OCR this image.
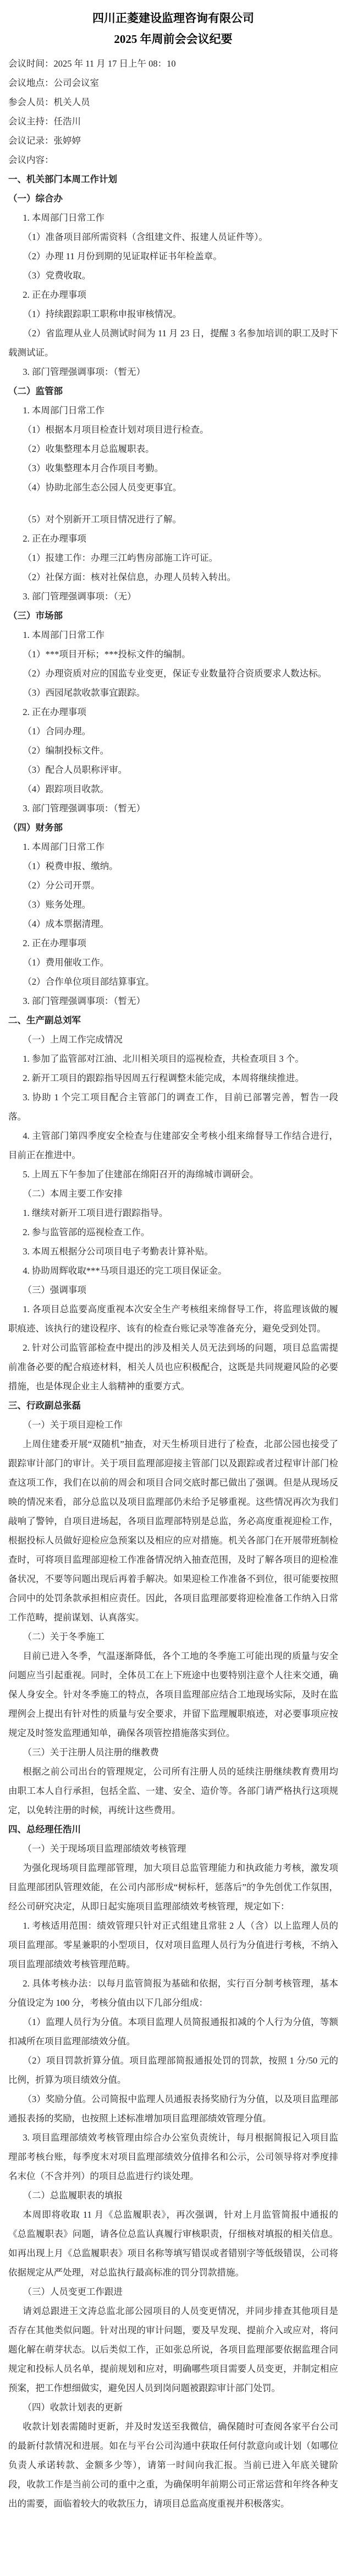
四川正菱建设监理咨询有限公司
2025 年周前会会议纪要

会议时间：2025 年 11 月 17 日上午 08：10

会议地点：公司会议室

参会人员：机关人员

会议主持：任浩川

会议记录：张婷婷

会议内容：

一、机关部门本周工作计划

（一）综合办

1. 本周部门日常工作

（1）准备项目部所需资料（含组建文件、报建人员证件等）。

（2）办理 11 月份到期的见证取样证书年检盖章。

（3）党费收取。

2. 正在办理事项

（1）持续跟踪职工职称申报审核情况。

（2）省监理从业人员测试时间为 11 月 23 日，提醒 3 名参加培训的职工及时下载测试证。

3. 部门管理强调事项：（暂无）

（二）监管部

1. 本周部门日常工作

（1）根据本月项目检查计划对项目进行检查。

（2）收集整理本月总监履职表。

（3）收集整理本月合作项目考勤。

（4）协助北部生态公园人员变更事宜。

（5）对个别新开工项目情况进行了解。

2. 正在办理事项

（1）报建工作：办理三江屿售房部施工许可证。

（2）社保方面：核对社保信息，办理人员转入转出。

3. 部门管理强调事项：（无）

（三）市场部

1. 本周部门日常工作

（1）***项目开标；***投标文件的编制。

（2）办理资质对应的国监专业变更，保证专业数量符合资质要求人数达标。

（3）西园尾款收款事宜跟踪。

2. 正在办理事项

（1）合同办理。

（2）编制投标文件。

（3）配合人员职称评审。

（4）跟踪项目收款。

3. 部门管理强调事项：（暂无）

（四）财务部

1. 本周部门日常工作

（1）税费申报、缴纳。

（2）分公司开票。

（3）账务处理。

（4）成本票据清理。

2. 正在办理事项

（1）费用催收工作。

（2）合作单位项目部结算事宜。

3. 部门管理强调事项：（暂无）

二、生产副总刘军

（一）上周工作完成情况

1. 参加了监管部对江油、北川相关项目的巡视检查，共检查项目 3 个。

2. 新开工项目的跟踪指导因周五行程调整未能完成，本周将继续推进。

3. 协助 1 个完工项目配合主管部门的调查工作，目前已部署完善，暂告一段落。

4. 主管部门第四季度安全检查与住建部安全考核小组来绵督导工作结合进行，目前正在推进中。

5. 上周五下午参加了住建部在绵阳召开的海绵城市调研会。

（二）本周主要工作安排

1. 继续对新开工项目进行跟踪指导。

2. 参与监管部的巡视检查工作。

3. 本周五根据分公司项目电子考勤表计算补贴。

4. 协助周辉收取***马项目退还的完工项目保证金。

（三）强调事项

1. 各项目总监要高度重视本次安全生产考核组来绵督导工作，将监理该做的履职痕迹、该执行的建设程序、该有的检查台账记录等准备充分，避免受到处罚。

2. 针对公司监管部检查中提出的涉及相关人员无法到场的问题，项目总监需提前准备必要的配合痕迹材料，相关人员也应积极配合，这既是共同规避风险的必要措施，也是体现企业主人翁精神的重要方式。

三、行政副总张磊

（一）关于项目迎检工作

上周住建委开展“双随机”抽查，对天生桥项目进行了检查，北部公园也接受了跟踪审计部门的审计。关于项目监理部迎接主管部门以及跟踪或者过程审计部门检查这项工作，我们在以前的周会和项目合同交底时都已做出了强调。但是从现场反映的情况来看，部分总监以及项目监理部仍未给予足够重视。这些情况再次为我们敲响了警钟，自项目进场起，各项目监理部特别是总监，务必高度重视迎检工作，根据投标人员做好迎检应急预案以及相应的应对措施。机关各部门在开展带班制检查时，可将项目监理部迎检工作准备情况纳入抽查范围，及时了解各项目的迎检准备状况，不要等问题出现后再着手解决。如果迎检工作准备不到位，很可能要按照合同中的处罚条款承担相应责任。因此，各项目监理部要将迎检准备工作纳入日常工作范畴，提前谋划、认真落实。

（二）关于冬季施工

目前已进入冬季，气温逐渐降低，各个工地的冬季施工可能出现的质量与安全问题应当引起重视。同时，全体员工在上下班途中也要特别注意个人往来交通，确保人身安全。针对冬季施工的特点，各项目监理部应结合工地现场实际，及时在监理例会上提出有针对性的质量与安全要求，并留下监理履职痕迹，对必要事项应按规定及时签发监理通知单，确保各项管控措施落实到位。

（三）关于注册人员注册的继教费

根据之前公司出台的管理规定，公司所有注册人员的延续注册继续教育费用均由职工本人自行承担，包括全监、一建、安全、造价等。各部门请严格执行这项规定，以免转注册的时候，再统计这些费用。

四、总经理任浩川

（一）关于现场项目监理部绩效考核管理

为强化现场项目监理部管理，加大项目总监管理能力和执政能力考核，激发项目监理部团队管理效能，在公司内部形成“树标杆，惩落后”的争先创优工作氛围，经公司研究决定，从即日起实施项目监理部绩效考核管理，规定如下：

1. 考核适用范围：绩效管理只针对正式组建且常驻 2 人（含）以上监理人员的项目监理部。零星兼职的小型项目，仅对项目监理人员行为分值进行考核，不纳入项目监理部绩效考核管理范畴。

2. 具体考核办法：以每月监管简报为基础和依据，实行百分制考核管理，基本分值设定为 100 分，考核分值由以下几部分组成：

（1）监理人员行为分值。本项目监理人员简报通报扣减的个人行为分值，等额扣减所在项目监理部绩效分值。

（2）项目罚款折算分值。项目监理部简报通报处罚的罚款，按照 1 分/50 元的比例，折算为项目绩效分值。

（3）奖励分值。公司简报中监理人员通报表扬奖励行为分值，以及项目监理部通报表扬的奖励，也按照上述标准增加项目监理部绩效管理分值。

3. 项目监理部绩效考核管理由综合办公室负责统计，每月根据简报记入项目监理部考核台账，每季度末对项目监理部绩效分值排名和公示，公司领导将对季度排名末位（不含并列）的项目总监进行约谈处理。

（二）总监履职表的填报

本周即将收取 11 月《总监履职表》，再次强调，针对上月监管简报中通报的《总监履职表》问题，请各位总监认真履行审核职责，仔细核对填报的相关信息。如再出现上月《总监履职表》项目名称等填写错误或者错别字等低级错误，公司将依据规定从严处理，对总监执行最高标准的罚分罚款措施。

（三）人员变更工作跟进

请刘总跟进王文涛总监北部公园项目的人员变更情况，并同步排查其他项目是否存在其他类似问题。针对出现的审计问题，要及早发现、提前介入或应对，将问题化解在萌芽状态。以后类似工作，正如张总所说，各项目监理部要依据监理合同规定和投标人员名单，提前规划和应对，明确哪些项目需要人员变更，并制定相应预案，把工作想细做实，避免因人员到岗问题被跟踪审计部门处罚。

（四）收款计划表的更新

收款计划表需随时更新，并及时发送至我微信，确保随时可查阅各家平台公司的最新付款情况和进展。如在与平台公司沟通中获取任何付款意向或计划（如哪位负责人承诺转款、金额多少等），请第一时间向我汇报。当前已进入年底关键阶段，收款工作是当前公司的重中之重，为确保明年前期公司正常运营和年终各种支出的需要，面临着较大的收款压力，请项目总监高度重视并积极落实。
